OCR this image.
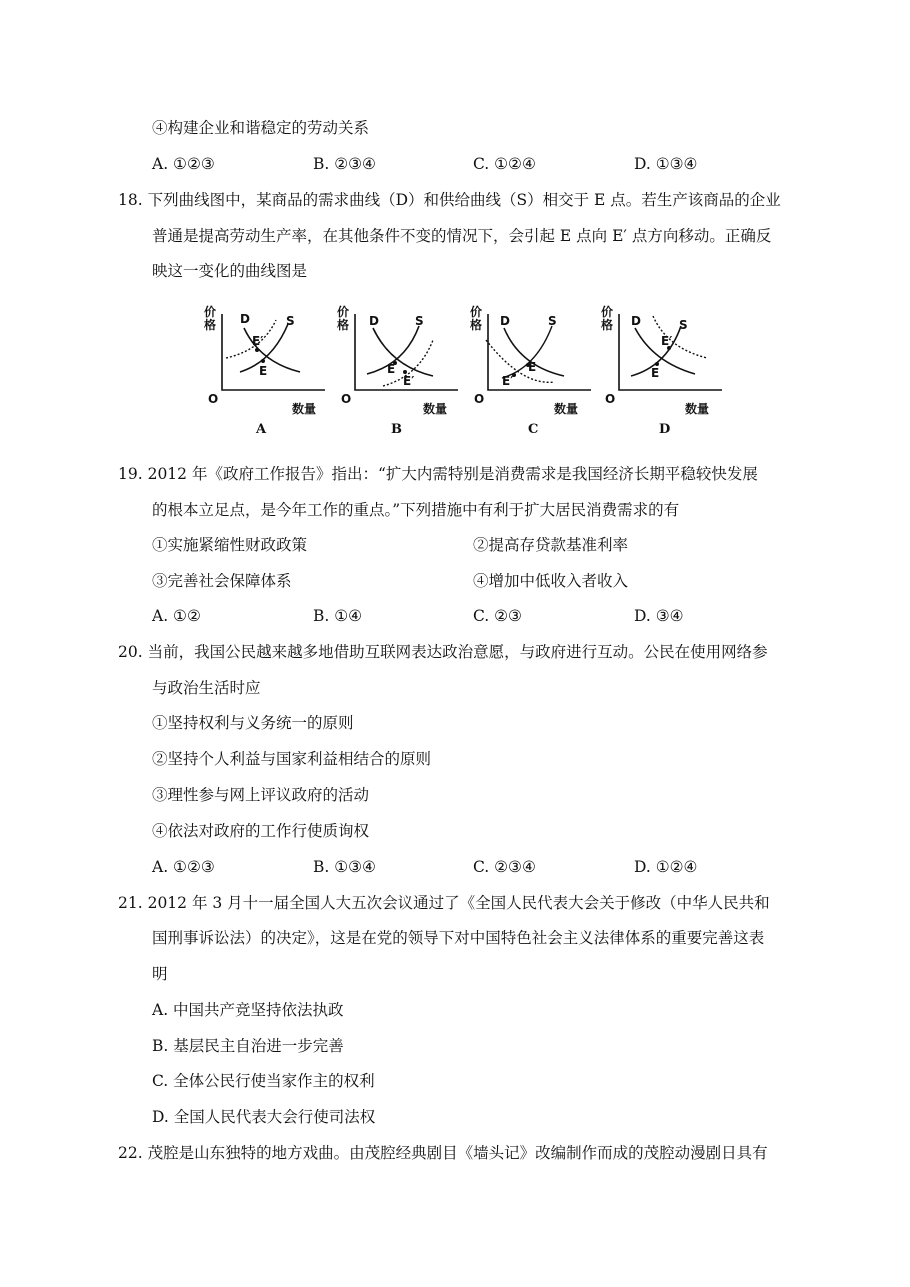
④构建企业和谐稳定的劳动关系
A. ①②③	B. ②③④	C. ①②④	D. ①③④
18. 下列曲线图中，某商品的需求曲线（D）和供给曲线（S）相交于 E 点。若生产该商品的企业
普通是提高劳动生产率，在其他条件不变的情况下，会引起 E 点向 E′ 点方向移动。正确反
映这一变化的曲线图是
价格
O
数量
D	S
E′
E
A
价格
O
数量
D	S
E
E′
B
价格
O
数量
D	S
E
E′
C
价格
O
数量
D	S
E′
E
D
19. 2012 年《政府工作报告》指出：“扩大内需特别是消费需求是我国经济长期平稳较快发展
的根本立足点，是今年工作的重点。”下列措施中有利于扩大居民消费需求的有
①实施紧缩性财政政策	②提高存贷款基准利率
③完善社会保障体系	④增加中低收入者收入
A. ①②	B. ①④	C. ②③	D. ③④
20. 当前，我国公民越来越多地借助互联网表达政治意愿，与政府进行互动。公民在使用网络参
与政治生活时应
①坚持权利与义务统一的原则
②坚持个人利益与国家利益相结合的原则
③理性参与网上评议政府的活动
④依法对政府的工作行使质询权
A. ①②③	B. ①③④	C. ②③④	D. ①②④
21. 2012 年 3 月十一届全国人大五次会议通过了《全国人民代表大会关于修改（中华人民共和
国刑事诉讼法）的决定》，这是在党的领导下对中国特色社会主义法律体系的重要完善这表
明
A. 中国共产竞坚持依法执政
B. 基层民主自治进一步完善
C. 全体公民行使当家作主的权利
D. 全国人民代表大会行使司法权
22. 茂腔是山东独特的地方戏曲。由茂腔经典剧目《墙头记》改编制作而成的茂腔动漫剧日具有
